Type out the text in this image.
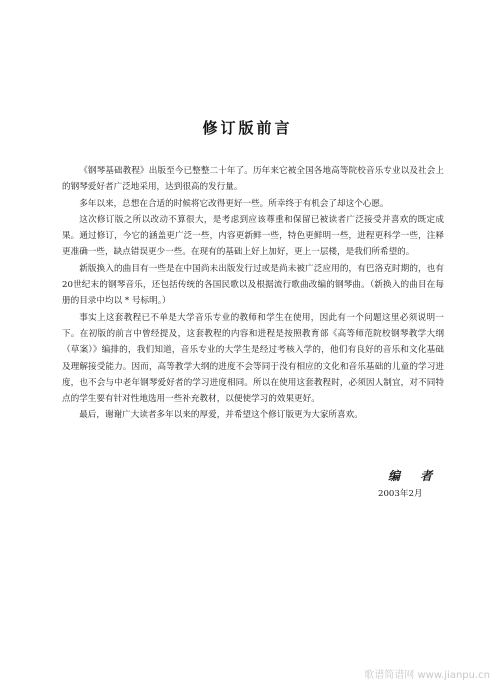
修订版前言

《钢琴基础教程》出版至今已整整二十年了。历年来它被全国各地高等院校音乐专业以及社会上的钢琴爱好者广泛地采用，达到很高的发行量。

多年以来，总想在合适的时候将它改得更好一些。所幸终于有机会了却这个心愿。

这次修订版之所以改动不算很大，是考虑到应该尊重和保留已被读者广泛接受并喜欢的既定成果。通过修订，今它的涵盖更广泛一些，内容更新鲜一些，特色更鲜明一些，进程更科学一些，注释更准确一些，缺点错误更少一些。在现有的基础上好上加好，更上一层楼，是我们所希望的。

新版换入的曲目有一些是在中国尚未出版发行过或是尚未被广泛应用的，有巴洛克时期的，也有20世纪末的钢琴音乐，还包括传统的各国民歌以及根据流行歌曲改编的钢琴曲。（新换入的曲目在每册的目录中均以 * 号标明。）

事实上这套教程已不单是大学音乐专业的教师和学生在使用，因此有一个问题这里必须说明一下。在初版的前言中曾经提及，这套教程的内容和进程是按照教育部《高等师范院校钢琴教学大纲（草案）》编排的，我们知道，音乐专业的大学生是经过考核入学的，他们有良好的音乐和文化基础及理解接受能力。因而，高等教学大纲的进度不会等同于没有相应的文化和音乐基础的儿童的学习进度，也不会与中老年钢琴爱好者的学习进度相同。所以在使用这套教程时，必须因人制宜，对不同特点的学生要有针对性地选用一些补充教材，以便使学习的效果更好。

最后，谢谢广大读者多年以来的厚爱，并希望这个修订版更为大家所喜欢。

编 者
2003年2月
歌谱简谱网 www.jianpu.cn
